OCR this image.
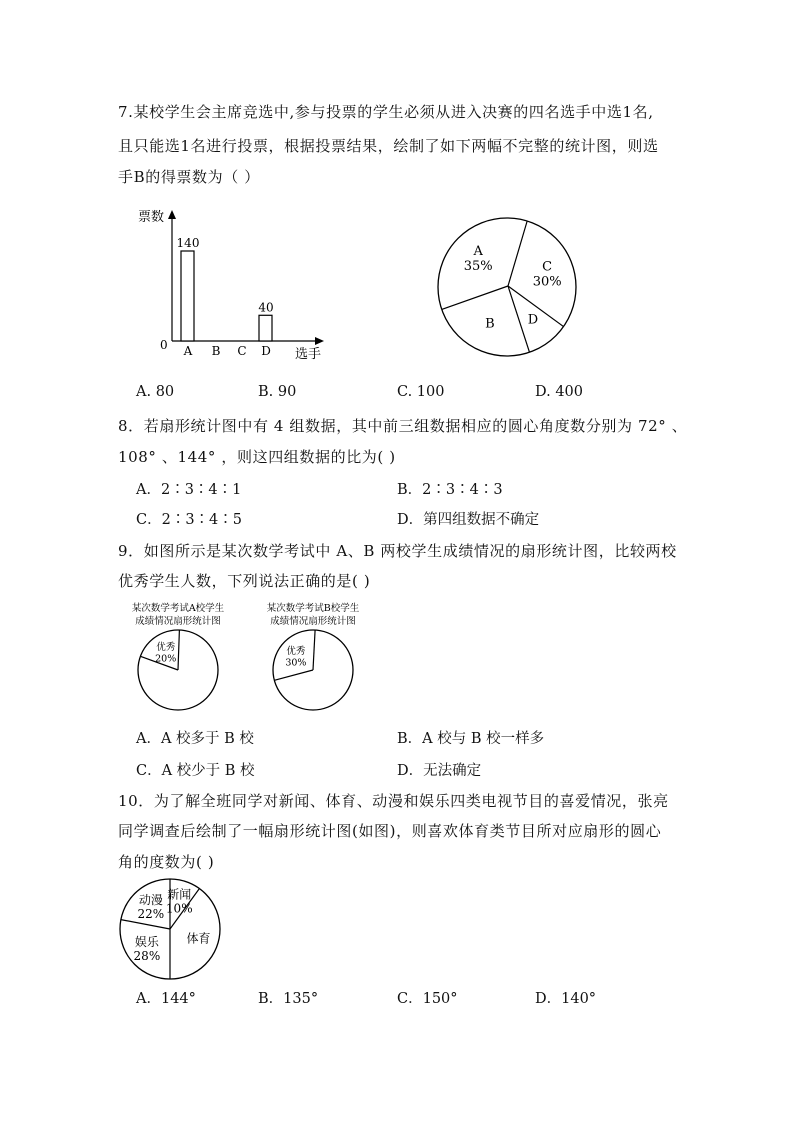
7.某校学生会主席竞选中,参与投票的学生必须从进入决赛的四名选手中选1名,
且只能选1名进行投票，根据投票结果，绘制了如下两幅不完整的统计图，则选
手B的得票数为（ ）
票数
0
选手
A
140
B C D
40
C
30%
D
B
A
35%
A. 80	B. 90	C. 100	D. 400
8．若扇形统计图中有 4 组数据，其中前三组数据相应的圆心角度数分别为 72° 、
108° 、144° ，则这四组数据的比为( )
A．2∶3∶4∶1	B．2∶3∶4∶3
C．2∶3∶4∶5	D．第四组数据不确定
9．如图所示是某次数学考试中 A、B 两校学生成绩情况的扇形统计图，比较两校
优秀学生人数，下列说法正确的是( )
某次数学考试A校学生
成绩情况扇形统计图
优秀
20%
某次数学考试B校学生
成绩情况扇形统计图
优秀
30%
A．A 校多于 B 校	B．A 校与 B 校一样多
C．A 校少于 B 校	D．无法确定
10．为了解全班同学对新闻、体育、动漫和娱乐四类电视节目的喜爱情况，张亮
同学调查后绘制了一幅扇形统计图(如图)，则喜欢体育类节目所对应扇形的圆心
角的度数为( )
新闻
10%
体育
娱乐
28%
动漫
22%
A．144°	B．135°	C．150°	D．140°
